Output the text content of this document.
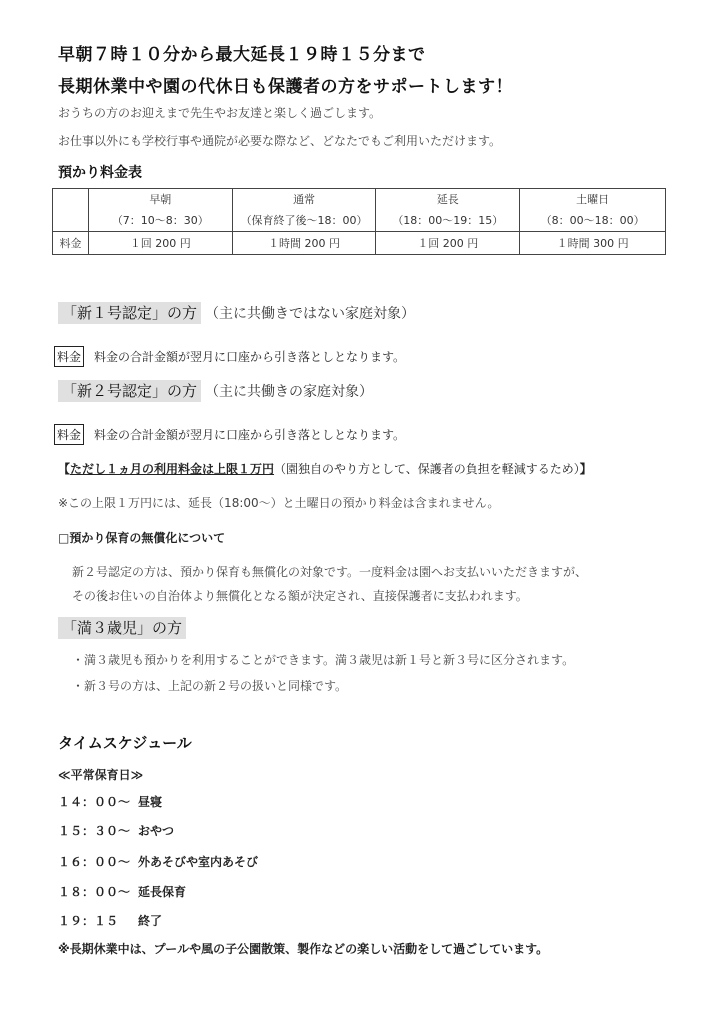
早朝７時１０分から最大延長１９時１５分まで
長期休業中や園の代休日も保護者の方をサポートします！
おうちの方のお迎えまで先生やお友達と楽しく過ごします。
お仕事以外にも学校行事や通院が必要な際など、どなたでもご利用いただけます。
預かり料金表
	早朝	通常	延長	土曜日
	（7：10〜8：30）	（保育終了後〜18：00）	（18：00〜19：15）	（8：00〜18：00）
料金	１回 200 円	１時間 200 円	１回 200 円	１時間 300 円
「新１号認定」の方 （主に共働きではない家庭対象）
料金 料金の合計金額が翌月に口座から引き落としとなります。
「新２号認定」の方 （主に共働きの家庭対象）
料金 料金の合計金額が翌月に口座から引き落としとなります。
【ただし１ヵ月の利用料金は上限１万円（園独自のやり方として、保護者の負担を軽減するため）】
※この上限１万円には、延長（18:00〜）と土曜日の預かり料金は含まれません。
□預かり保育の無償化について
新２号認定の方は、預かり保育も無償化の対象です。一度料金は園へお支払いいただきますが、
その後お住いの自治体より無償化となる額が決定され、直接保護者に支払われます。
「満３歳児」の方
・満３歳児も預かりを利用することができます。満３歳児は新１号と新３号に区分されます。
・新３号の方は、上記の新２号の扱いと同様です。
タイムスケジュール
≪平常保育日≫
１４：００〜 昼寝
１５：３０〜 おやつ
１６：００〜 外あそびや室内あそび
１８：００〜 延長保育
１９：１５ 終了
※長期休業中は、プールや風の子公園散策、製作などの楽しい活動をして過ごしています。
